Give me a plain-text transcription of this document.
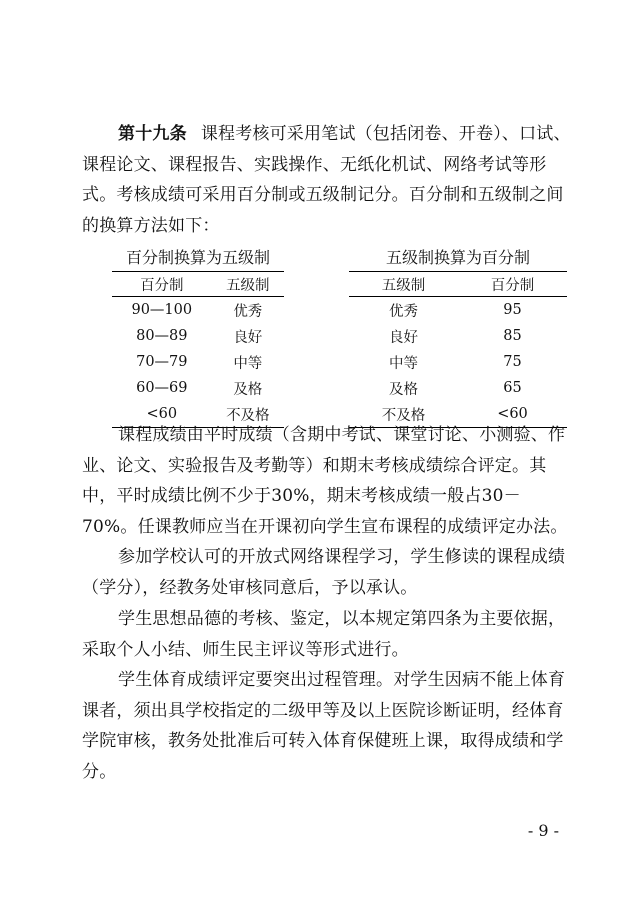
第十九条 课程考核可采用笔试（包括闭卷、开卷）、口试、课程论文、课程报告、实践操作、无纸化机试、网络考试等形式。考核成绩可采用百分制或五级制记分。百分制和五级制之间的换算方法如下：

百分制换算为五级制
百分制	五级制
90—100	优秀
80—89	良好
70—79	中等
60—69	及格
<60	不及格
五级制换算为百分制
五级制	百分制
优秀	95
良好	85
中等	75
及格	65
不及格	<60

课程成绩由平时成绩（含期中考试、课堂讨论、小测验、作业、论文、实验报告及考勤等）和期末考核成绩综合评定。其中，平时成绩比例不少于30%，期末考核成绩一般占30－70%。任课教师应当在开课初向学生宣布课程的成绩评定办法。

参加学校认可的开放式网络课程学习，学生修读的课程成绩（学分），经教务处审核同意后，予以承认。

学生思想品德的考核、鉴定，以本规定第四条为主要依据，采取个人小结、师生民主评议等形式进行。

学生体育成绩评定要突出过程管理。对学生因病不能上体育课者，须出具学校指定的二级甲等及以上医院诊断证明，经体育学院审核，教务处批准后可转入体育保健班上课，取得成绩和学分。

- 9 -
